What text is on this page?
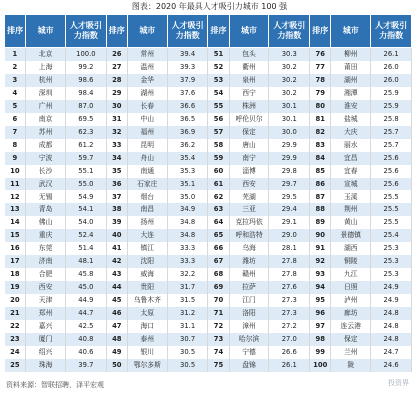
图表：2020 年最具人才吸引力城市 100 强
排序	城市	人才吸引力指数	排序	城市	人才吸引力指数	排序	城市	人才吸引力指数	排序	城市	人才吸引力指数
1	北京	100.0	26	常州	39.4	51	包头	30.3	76	柳州	26.1
2	上海	99.2	27	温州	39.3	52	衢州	30.2	77	莆田	26.0
3	杭州	98.6	28	金华	37.9	53	泉州	30.2	78	湖州	26.0
4	深圳	98.4	29	湖州	37.6	54	西宁	30.2	79	湘潭	25.9
5	广州	87.0	30	长春	36.6	55	株洲	30.1	80	淮安	25.9
6	南京	69.5	31	中山	36.5	56	呼伦贝尔	30.1	81	盐城	25.8
7	苏州	62.3	32	福州	36.9	57	保定	30.0	82	大庆	25.7
8	成都	61.2	33	昆明	36.2	58	唐山	29.9	83	丽水	25.7
9	宁波	59.7	34	舟山	35.4	59	南宁	29.9	84	宜昌	25.6
10	长沙	55.1	35	南通	35.3	60	淄博	29.8	85	宜春	25.6
11	武汉	55.0	36	石家庄	35.1	61	西安	29.7	86	宣城	25.6
12	无锡	54.9	37	烟台	35.0	62	芜湖	29.5	87	玉溪	25.5
13	青岛	54.1	38	南昌	34.9	63	三亚	29.4	88	荆州	25.5
14	佛山	54.0	39	扬州	34.8	64	克拉玛依	29.1	89	黄山	25.5
15	重庆	52.4	40	大连	34.8	65	呼和浩特	29.0	90	景德镇	25.4
16	东莞	51.4	41	镇江	33.3	66	乌海	28.1	91	湖西	25.3
17	济南	48.1	42	沈阳	33.3	67	潍坊	27.8	92	铜陵	25.3
18	合肥	45.8	43	威海	32.2	68	赣州	27.8	93	九江	25.3
19	西安	45.0	44	贵阳	31.7	69	拉萨	27.6	94	日照	24.9
20	天津	44.9	45	乌鲁木齐	31.5	70	江门	27.3	95	泸州	24.9
21	郑州	44.7	46	太原	31.2	71	洛阳	27.3	96	廊坊	24.8
22	嘉兴	42.5	47	海口	31.1	72	漳州	27.2	97	连云港	24.8
23	厦门	40.8	48	泰州	30.7	73	哈尔滨	27.0	98	保定	24.8
24	绍兴	40.6	49	银川	30.5	74	宁德	26.6	99	兰州	24.7
25	珠海	39.7	50	鄂尔多斯	30.5	75	盘锦	26.1	100	陇	24.6
资料来源：智联招聘，泽平宏观	投资界
